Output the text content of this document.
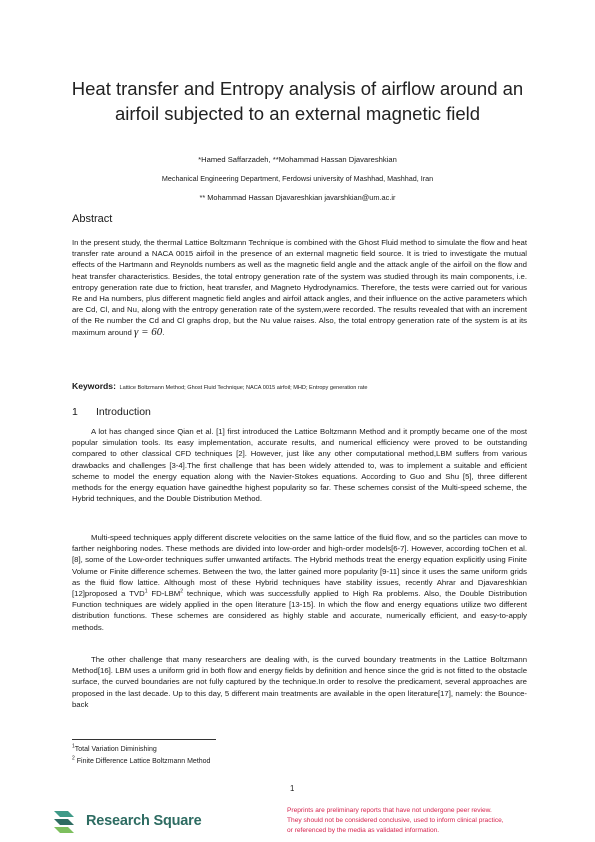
Heat transfer and Entropy analysis of airflow around an airfoil subjected to an external magnetic field
*Hamed Saffarzadeh, **Mohammad Hassan Djavareshkian
Mechanical Engineering Department, Ferdowsi university of Mashhad, Mashhad, Iran
** Mohammad Hassan Djavareshkian javarshkian@um.ac.ir
Abstract

In the present study, the thermal Lattice Boltzmann Technique is combined with the Ghost Fluid method to simulate the flow and heat transfer rate around a NACA 0015 airfoil in the presence of an external magnetic field source. It is tried to investigate the mutual effects of the Hartmann and Reynolds numbers as well as the magnetic field angle and the attack angle of the airfoil on the flow and heat transfer characteristics. Besides, the total entropy generation rate of the system was studied through its main components, i.e. entropy generation rate due to friction, heat transfer, and Magneto Hydrodynamics. Therefore, the tests were carried out for various Re and Ha numbers, plus different magnetic field angles and airfoil attack angles, and their influence on the active parameters which are Cd, Cl, and Nu, along with the entropy generation rate of the system,were recorded. The results revealed that with an increment of the Re number the Cd and Cl graphs drop, but the Nu value raises. Also, the total entropy generation rate of the system is at its maximum around γ = 60.

Keywords: Lattice Boltzmann Method; Ghost Fluid Technique; NACA 0015 airfoil; MHD; Entropy generation rate
1 Introduction

A lot has changed since Qian et al. [1] first introduced the Lattice Boltzmann Method and it promptly became one of the most popular simulation tools. Its easy implementation, accurate results, and numerical efficiency were proved to be outstanding compared to other classical CFD techniques [2]. However, just like any other computational method,LBM suffers from various drawbacks and challenges [3-4].The first challenge that has been widely attended to, was to implement a suitable and efficient scheme to model the energy equation along with the Navier-Stokes equations. According to Guo and Shu [5], three different methods for the energy equation have gainedthe highest popularity so far. These schemes consist of the Multi-speed scheme, the Hybrid techniques, and the Double Distribution Method.

Multi-speed techniques apply different discrete velocities on the same lattice of the fluid flow, and so the particles can move to farther neighboring nodes. These methods are divided into low-order and high-order models[6-7]. However, according toChen et al.[8], some of the Low-order techniques suffer unwanted artifacts. The Hybrid methods treat the energy equation explicitly using Finite Volume or Finite difference schemes. Between the two, the latter gained more popularity [9-11] since it uses the same uniform grids as the fluid flow lattice. Although most of these Hybrid techniques have stability issues, recently Ahrar and Djavareshkian [12]proposed a TVD$^1$ FD-LBM$^2$ technique, which was successfully applied to High Ra problems. Also, the Double Distribution Function techniques are widely applied in the open literature [13-15]. In which the flow and energy equations utilize two different distribution functions. These schemes are considered as highly stable and accurate, numerically efficient, and easy-to-apply methods.

The other challenge that many researchers are dealing with, is the curved boundary treatments in the Lattice Boltzmann Method[16]. LBM uses a uniform grid in both flow and energy fields by definition and hence since the grid is not fitted to the obstacle surface, the curved boundaries are not fully captured by the technique.In order to resolve the predicament, several approaches are proposed in the last decade. Up to this day, 5 different main treatments are available in the open literature[17], namely: the Bounce-back

$^1$Total Variation Diminishing
$^2$ Finite Difference Lattice Boltzmann Method
1
Research Square

Preprints are preliminary reports that have not undergone peer review.

They should not be considered conclusive, used to inform clinical practice,

or referenced by the media as validated information.
